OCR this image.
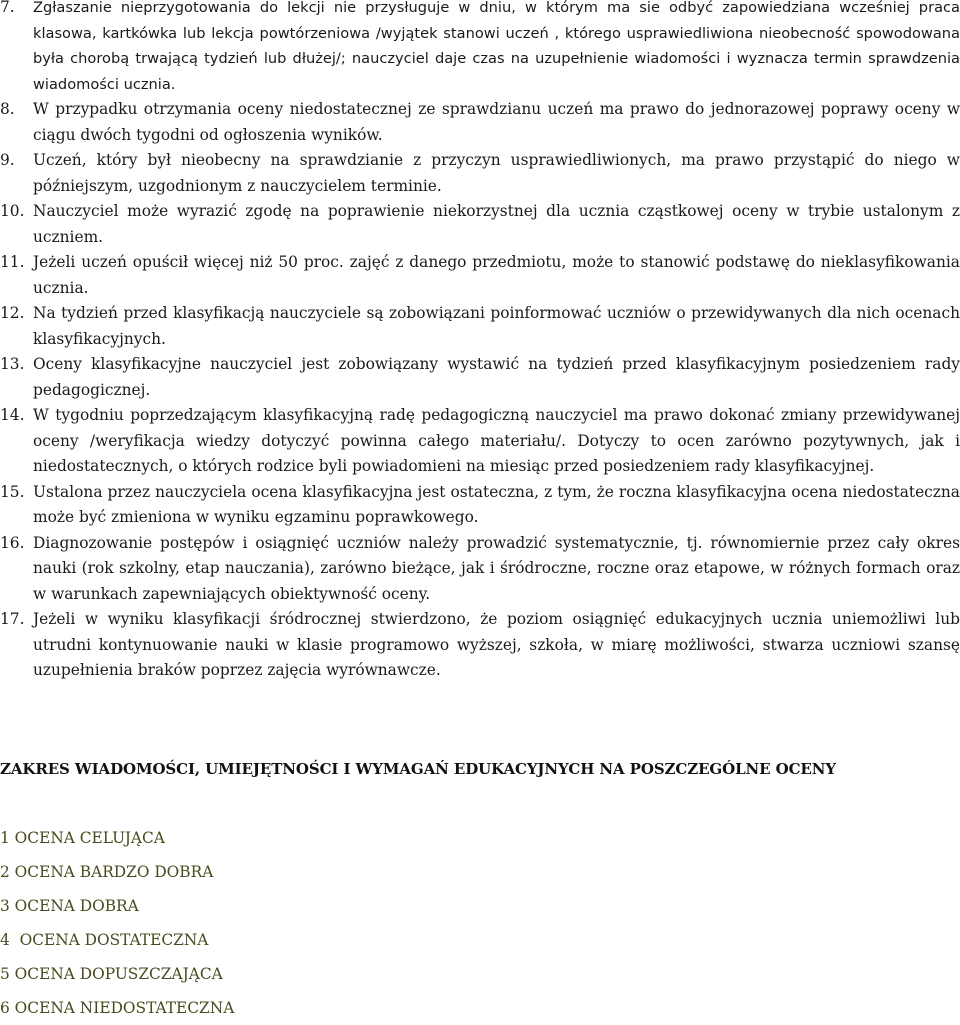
7.	Zgłaszanie nieprzygotowania do lekcji nie przysługuje w dniu, w którym ma sie odbyć zapowiedziana wcześniej praca klasowa, kartkówka lub lekcja powtórzeniowa /wyjątek stanowi uczeń , którego usprawiedliwiona nieobecność spowodowana była chorobą trwającą tydzień lub dłużej/; nauczyciel daje czas na uzupełnienie wiadomości i wyznacza termin sprawdzenia wiadomości ucznia.
8.	W przypadku otrzymania oceny niedostatecznej ze sprawdzianu uczeń ma prawo do jednorazowej poprawy oceny w ciągu dwóch tygodni od ogłoszenia wyników.
9.	Uczeń, który był nieobecny na sprawdzianie z przyczyn usprawiedliwionych, ma prawo przystąpić do niego w późniejszym, uzgodnionym z nauczycielem terminie.
10. Nauczyciel może wyrazić zgodę na poprawienie niekorzystnej dla ucznia cząstkowej oceny w trybie ustalonym z uczniem.
11. Jeżeli uczeń opuścił więcej niż 50 proc. zajęć z danego przedmiotu, może to stanowić podstawę do nieklasyfikowania ucznia.
12. Na tydzień przed klasyfikacją nauczyciele są zobowiązani poinformować uczniów o przewidywanych dla nich ocenach klasyfikacyjnych.
13. Oceny klasyfikacyjne nauczyciel jest zobowiązany wystawić na tydzień przed klasyfikacyjnym posiedzeniem rady pedagogicznej.
14. W tygodniu poprzedzającym klasyfikacyjną radę pedagogiczną nauczyciel ma prawo dokonać zmiany przewidywanej oceny /weryfikacja wiedzy dotyczyć powinna całego materiału/. Dotyczy to ocen zarówno pozytywnych, jak i niedostatecznych, o których rodzice byli powiadomieni na miesiąc przed posiedzeniem rady klasyfikacyjnej.
15. Ustalona przez nauczyciela ocena klasyfikacyjna jest ostateczna, z tym, że roczna klasyfikacyjna ocena niedostateczna może być zmieniona w wyniku egzaminu poprawkowego.
16. Diagnozowanie postępów i osiągnięć uczniów należy prowadzić systematycznie, tj. równomiernie przez cały okres nauki (rok szkolny, etap nauczania), zarówno bieżące, jak i śródroczne, roczne oraz etapowe, w różnych formach oraz w warunkach zapewniających obiektywność oceny.
17. Jeżeli w wyniku klasyfikacji śródrocznej stwierdzono, że poziom osiągnięć edukacyjnych ucznia uniemożliwi lub utrudni kontynuowanie nauki w klasie programowo wyższej, szkoła, w miarę możliwości, stwarza uczniowi szansę uzupełnienia braków poprzez zajęcia wyrównawcze.
ZAKRES WIADOMOŚCI, UMIEJĘTNOŚCI I WYMAGAŃ EDUKACYJNYCH NA POSZCZEGÓLNE OCENY
1 OCENA CELUJĄCA
2 OCENA BARDZO DOBRA
3 OCENA DOBRA
4  OCENA DOSTATECZNA
5 OCENA DOPUSZCZAJĄCA
6 OCENA NIEDOSTATECZNA
